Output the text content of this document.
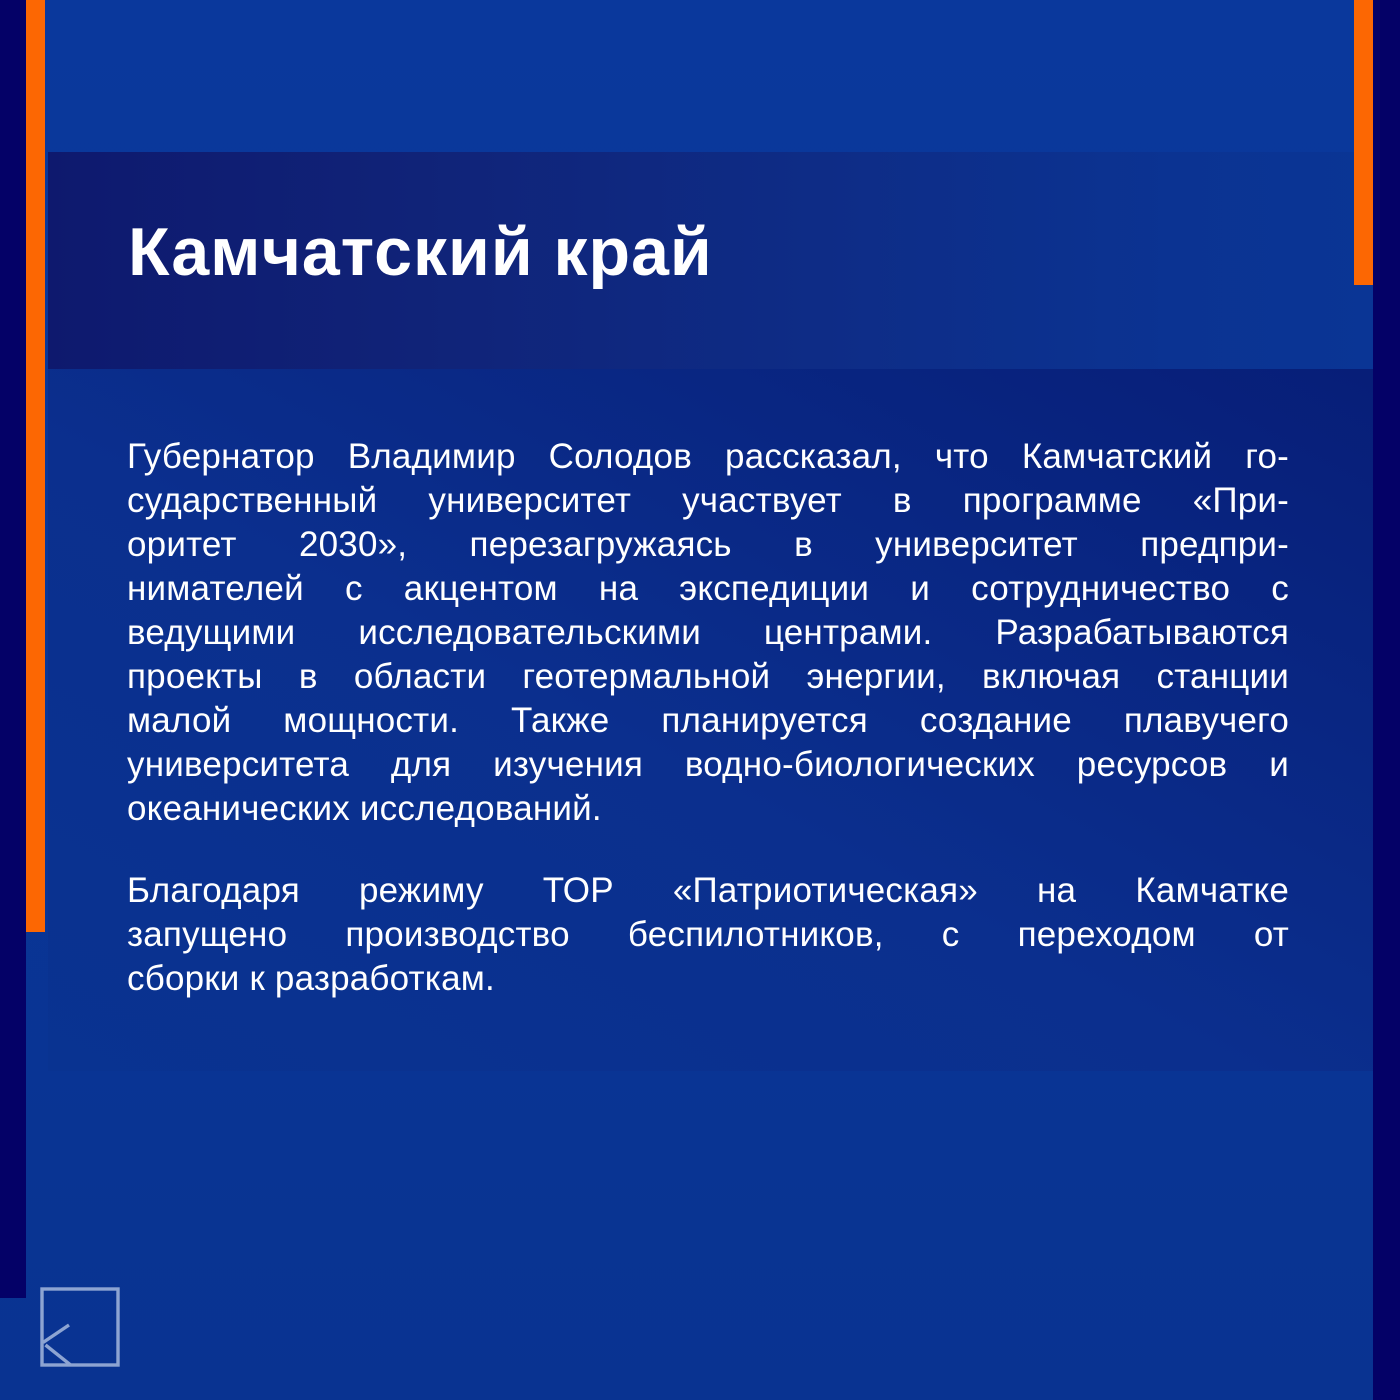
Камчатский край
Губернатор Владимир Солодов рассказал, что Камчатский го-
сударственный университет участвует в программе «При-
оритет 2030», перезагружаясь в университет предпри-
нимателей с акцентом на экспедиции и сотрудничество с
ведущими исследовательскими центрами. Разрабатываются
проекты в области геотермальной энергии, включая станции
малой мощности. Также планируется создание плавучего
университета для изучения водно-биологических ресурсов и
океанических исследований.
Благодаря режиму ТОР «Патриотическая» на Камчатке
запущено производство беспилотников, с переходом от
сборки к разработкам.
